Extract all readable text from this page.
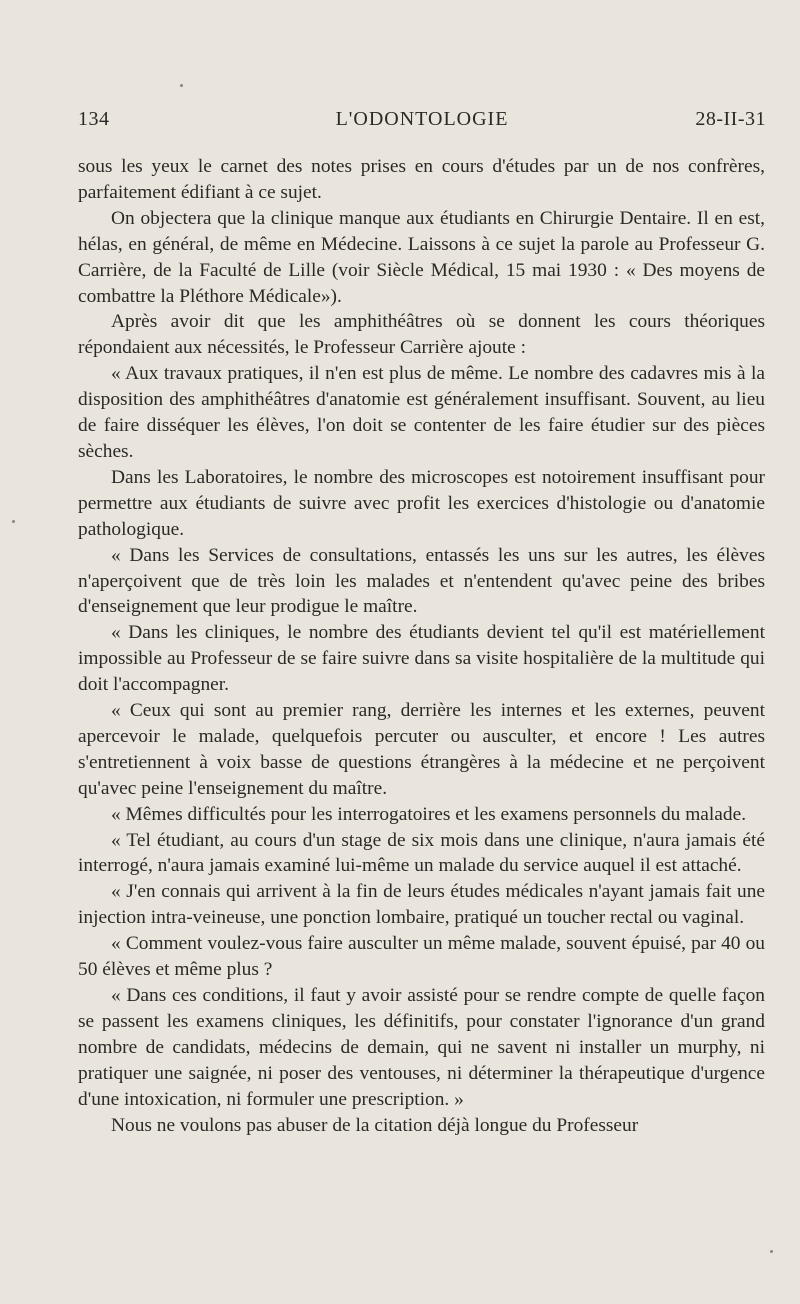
134	L'ODONTOLOGIE	28-II-31

sous les yeux le carnet des notes prises en cours d'études par un de nos confrères, parfaitement édifiant à ce sujet.

On objectera que la clinique manque aux étudiants en Chirurgie Dentaire. Il en est, hélas, en général, de même en Médecine. Laissons à ce sujet la parole au Professeur G. Carrière, de la Faculté de Lille (voir Siècle Médical, 15 mai 1930 : « Des moyens de combattre la Pléthore Médicale»).

Après avoir dit que les amphithéâtres où se donnent les cours théoriques répondaient aux nécessités, le Professeur Carrière ajoute :

« Aux travaux pratiques, il n'en est plus de même. Le nombre des cadavres mis à la disposition des amphithéâtres d'anatomie est généralement insuffisant. Souvent, au lieu de faire disséquer les élèves, l'on doit se contenter de les faire étudier sur des pièces sèches.

Dans les Laboratoires, le nombre des microscopes est notoirement insuffisant pour permettre aux étudiants de suivre avec profit les exercices d'histologie ou d'anatomie pathologique.

« Dans les Services de consultations, entassés les uns sur les autres, les élèves n'aperçoivent que de très loin les malades et n'entendent qu'avec peine des bribes d'enseignement que leur prodigue le maître.

« Dans les cliniques, le nombre des étudiants devient tel qu'il est matériellement impossible au Professeur de se faire suivre dans sa visite hospitalière de la multitude qui doit l'accompagner.

« Ceux qui sont au premier rang, derrière les internes et les externes, peuvent apercevoir le malade, quelquefois percuter ou ausculter, et encore ! Les autres s'entretiennent à voix basse de questions étrangères à la médecine et ne perçoivent qu'avec peine l'enseignement du maître.

« Mêmes difficultés pour les interrogatoires et les examens personnels du malade.

« Tel étudiant, au cours d'un stage de six mois dans une clinique, n'aura jamais été interrogé, n'aura jamais examiné lui-même un malade du service auquel il est attaché.

« J'en connais qui arrivent à la fin de leurs études médicales n'ayant jamais fait une injection intra-veineuse, une ponction lombaire, pratiqué un toucher rectal ou vaginal.

« Comment voulez-vous faire ausculter un même malade, souvent épuisé, par 40 ou 50 élèves et même plus ?

« Dans ces conditions, il faut y avoir assisté pour se rendre compte de quelle façon se passent les examens cliniques, les définitifs, pour constater l'ignorance d'un grand nombre de candidats, médecins de demain, qui ne savent ni installer un murphy, ni pratiquer une saignée, ni poser des ventouses, ni déterminer la thérapeutique d'urgence d'une intoxication, ni formuler une prescription. »

Nous ne voulons pas abuser de la citation déjà longue du Professeur
